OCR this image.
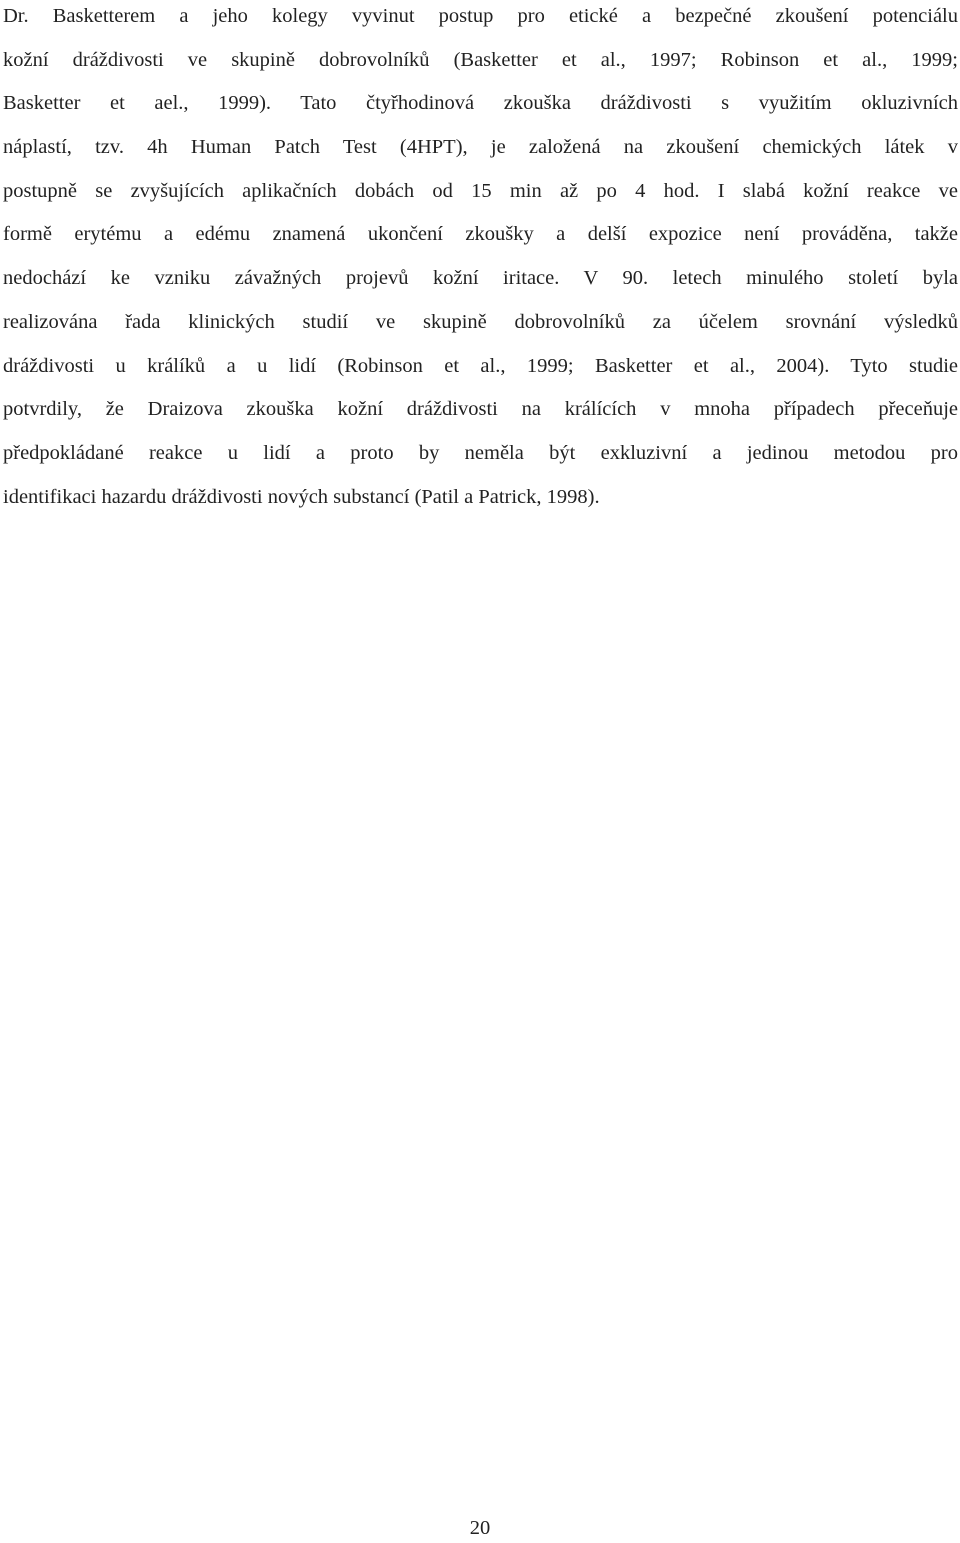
Dr. Basketterem a jeho kolegy vyvinut postup pro etické a bezpečné zkoušení potenciálu
kožní dráždivosti ve skupině dobrovolníků (Basketter et al., 1997; Robinson et al., 1999;
Basketter et ael., 1999). Tato čtyřhodinová zkouška dráždivosti s využitím okluzivních
náplastí, tzv. 4h Human Patch Test (4HPT), je založená na zkoušení chemických látek v
postupně se zvyšujících aplikačních dobách od 15 min až po 4 hod. I slabá kožní reakce ve
formě erytému a edému znamená ukončení zkoušky a delší expozice není prováděna, takže
nedochází ke vzniku závažných projevů kožní iritace. V 90. letech minulého století byla
realizována řada klinických studií ve skupině dobrovolníků za účelem srovnání výsledků
dráždivosti u králíků a u lidí (Robinson et al., 1999; Basketter et al., 2004). Tyto studie
potvrdily, že Draizova zkouška kožní dráždivosti na králících v mnoha případech přeceňuje
předpokládané reakce u lidí a proto by neměla být exkluzivní a jedinou metodou pro
identifikaci hazardu dráždivosti nových substancí (Patil a Patrick, 1998).
20
